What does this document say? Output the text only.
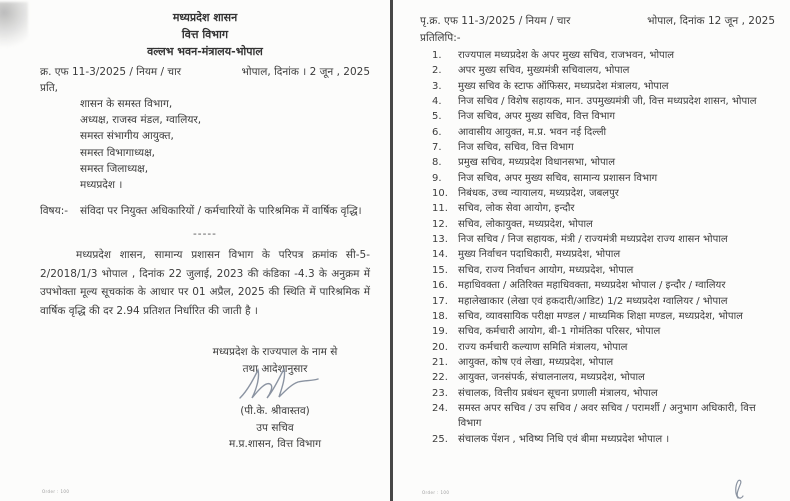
मध्यप्रदेश शासन
वित्त विभाग
वल्लभ भवन-मंत्रालय-भोपाल
क्र. एफ 11-3/2025 / नियम / चार	भोपाल, दिनांक । 2 जून , 2025
प्रति,
शासन के समस्त विभाग,
अध्यक्ष, राजस्व मंडल, ग्वालियर,
समस्त संभागीय आयुक्त,
समस्त विभागाध्यक्ष,
समस्त जिलाध्यक्ष,
मध्यप्रदेश ।
विषय:-	संविदा पर नियुक्त अधिकारियों / कर्मचारियों के पारिश्रमिक में वार्षिक वृद्धि।
-----
मध्यप्रदेश शासन, सामान्य प्रशासन विभाग के परिपत्र क्रमांक सी-5-2/2018/1/3 भोपाल , दिनांक 22 जुलाई, 2023 की कंडिका -4.3 के अनुक्रम में उपभोक्ता मूल्य सूचकांक के आधार पर 01 अप्रैल, 2025 की स्थिति में पारिश्रमिक में वार्षिक वृद्धि की दर 2.94 प्रतिशत निर्धारित की जाती है ।
मध्यप्रदेश के राज्यपाल के नाम से
तथा आदेशानुसार
(पी.के. श्रीवास्तव)
उप सचिव
म.प्र.शासन, वित्त विभाग
Order : 100
पृ.क्र. एफ 11-3/2025 / नियम / चार	भोपाल, दिनांक 12 जून , 2025
प्रतिलिपि:-
1.	राज्यपाल मध्यप्रदेश के अपर मुख्य सचिव, राजभवन, भोपाल
2.	अपर मुख्य सचिव, मुख्यमंत्री सचिवालय, भोपाल
3.	मुख्य सचिव के स्टाफ ऑफिसर, मध्यप्रदेश मंत्रालय, भोपाल
4.	निज सचिव / विशेष सहायक, मान. उपमुख्यमंत्री जी, वित्त मध्यप्रदेश शासन, भोपाल
5.	निज सचिव, अपर मुख्य सचिव, वित्त विभाग
6.	आवासीय आयुक्त, म.प्र. भवन नई दिल्ली
7.	निज सचिव, सचिव, वित्त विभाग
8.	प्रमुख सचिव, मध्यप्रदेश विधानसभा, भोपाल
9.	निज सचिव, अपर मुख्य सचिव, सामान्य प्रशासन विभाग
10.	निबंधक, उच्च न्यायालय, मध्यप्रदेश, जबलपुर
11.	सचिव, लोक सेवा आयोग, इन्दौर
12.	सचिव, लोकायुक्त, मध्यप्रदेश, भोपाल
13.	निज सचिव / निज सहायक, मंत्री / राज्यमंत्री मध्यप्रदेश राज्य शासन भोपाल
14.	मुख्य निर्वाचन पदाधिकारी, मध्यप्रदेश, भोपाल
15.	सचिव, राज्य निर्वाचन आयोग, मध्यप्रदेश, भोपाल
16.	महाधिवक्ता / अतिरिक्त महाधिवक्ता, मध्यप्रदेश भोपाल / इन्दौर / ग्वालियर
17.	महालेखाकार (लेखा एवं हकदारी/आडिट) 1/2 मध्यप्रदेश ग्वालियर / भोपाल
18.	सचिव, व्यावसायिक परीक्षा मण्डल / माध्यमिक शिक्षा मण्डल, मध्यप्रदेश, भोपाल
19.	सचिव, कर्मचारी आयोग, बी-1 गोमंतिका परिसर, भोपाल
20.	राज्य कर्मचारी कल्याण समिति मंत्रालय, भोपाल
21.	आयुक्त, कोष एवं लेखा, मध्यप्रदेश, भोपाल
22.	आयुक्त, जनसंपर्क, संचालनालय, मध्यप्रदेश, भोपाल
23.	संचालक, वित्तीय प्रबंधन सूचना प्रणाली मंत्रालय, भोपाल
24.	समस्त अपर सचिव / उप सचिव / अवर सचिव / परामर्शी / अनुभाग अधिकारी, वित्त विभाग
25.	संचालक पेंशन , भविष्य निधि एवं बीमा मध्यप्रदेश भोपाल ।
Order : 100
